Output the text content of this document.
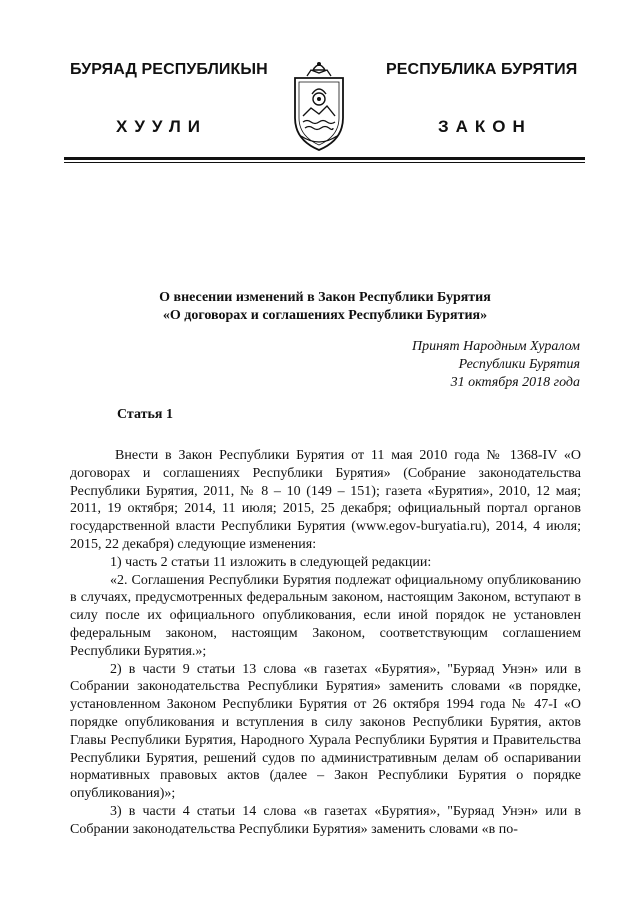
БУРЯАД РЕСПУБЛИКЫН
ХУУЛИ
РЕСПУБЛИКА БУРЯТИЯ
ЗАКОН
О внесении изменений в Закон Республики Бурятия
«О договорах и соглашениях Республики Бурятия»
Принят Народным Хуралом
Республики Бурятия
31 октября 2018 года
Статья 1

Внести в Закон Республики Бурятия от 11 мая 2010 года № 1368-IV «О договорах и соглашениях Республики Бурятия» (Собрание законодательства Республики Бурятия, 2011, № 8 – 10 (149 – 151); газета «Бурятия», 2010, 12 мая; 2011, 19 октября; 2014, 11 июля; 2015, 25 декабря; официальный портал органов государственной власти Республики Бурятия (www.egov-buryatia.ru), 2014, 4 июля; 2015, 22 декабря) следующие изменения:

1) часть 2 статьи 11 изложить в следующей редакции:

«2. Соглашения Республики Бурятия подлежат официальному опубликованию в случаях, предусмотренных федеральным законом, настоящим Законом, вступают в силу после их официального опубликования, если иной порядок не установлен федеральным законом, настоящим Законом, соответствующим соглашением Республики Бурятия.»;

2) в части 9 статьи 13 слова «в газетах «Бурятия», "Буряад Унэн» или в Собрании законодательства Республики Бурятия» заменить словами «в порядке, установленном Законом Республики Бурятия от 26 октября 1994 года № 47-I «О порядке опубликования и вступления в силу законов Республики Бурятия, актов Главы Республики Бурятия, Народного Хурала Республики Бурятия и Правительства Республики Бурятия, решений судов по административным делам об оспаривании нормативных правовых актов (далее – Закон Республики Бурятия о порядке опубликования)»;

3) в части 4 статьи 14 слова «в газетах «Бурятия», "Буряад Унэн» или в Собрании законодательства Республики Бурятия» заменить словами «в по-
